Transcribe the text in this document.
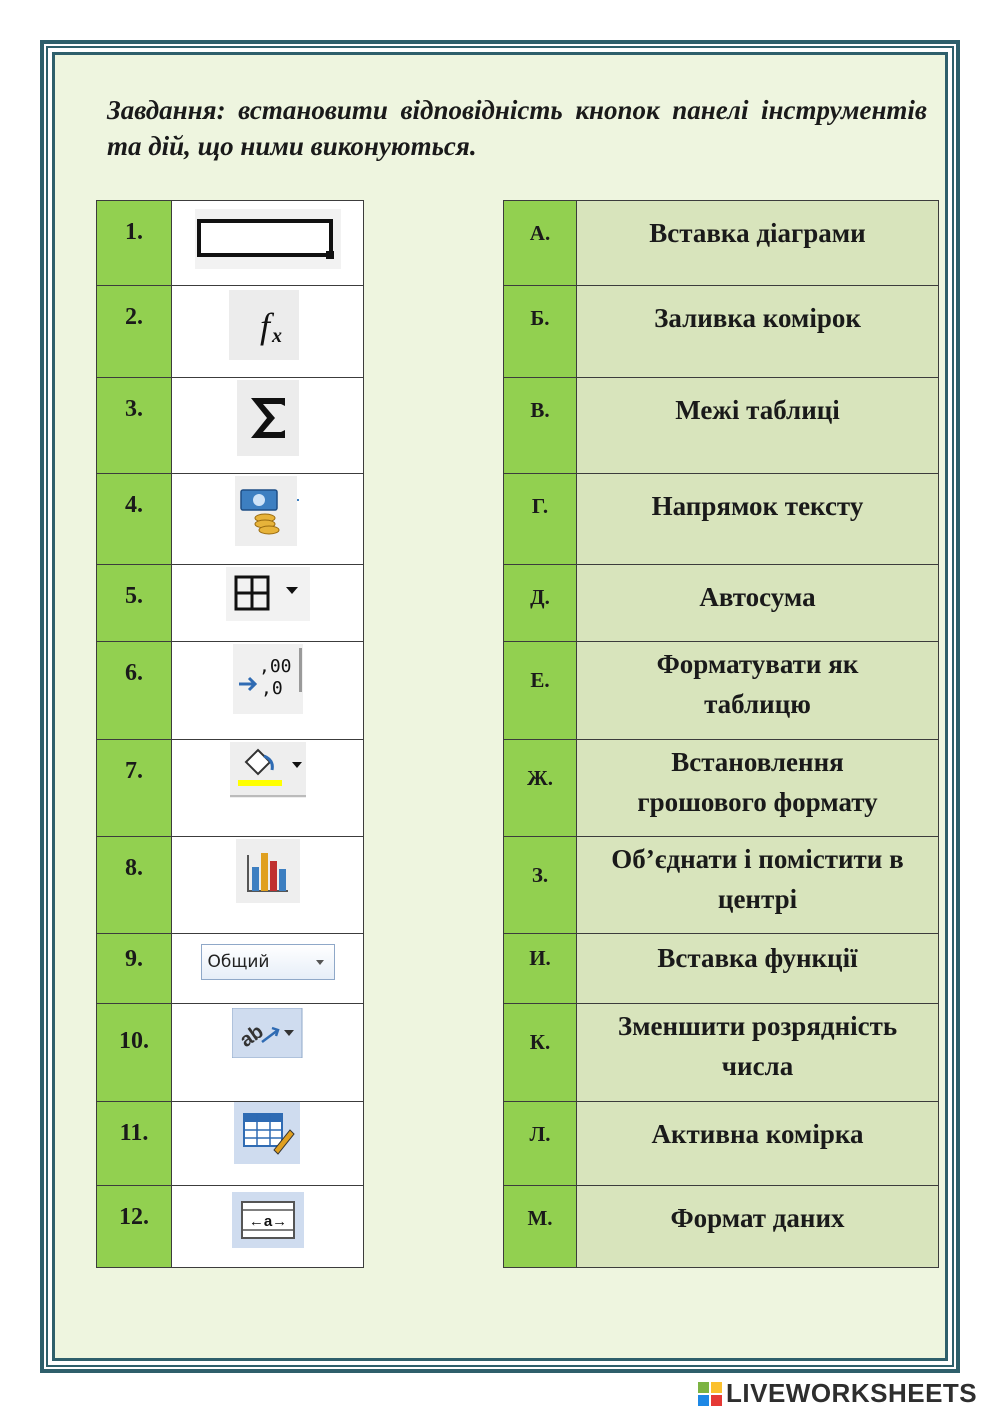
Завдання: встановити відповідність кнопок панелі інструментів та дій, що ними виконуються.
1.

2.	f x

3.

4.

5.

6.	,00
,0

7.

8.

9.	Общий

10.	ab

11.

12.	←a→
А.	Вставка діаграми

Б.	Заливка комірок

В.	Межі таблиці

Г.	Напрямок тексту

Д.	Автосума

Е.	Форматувати як таблицю

Ж.	Встановлення грошового формату

З.	Об’єднати і помістити в центрі

И.	Вставка функції

К.	Зменшити розрядність числа

Л.	Активна комірка

М.	Формат даних
LIVEWORKSHEETS
